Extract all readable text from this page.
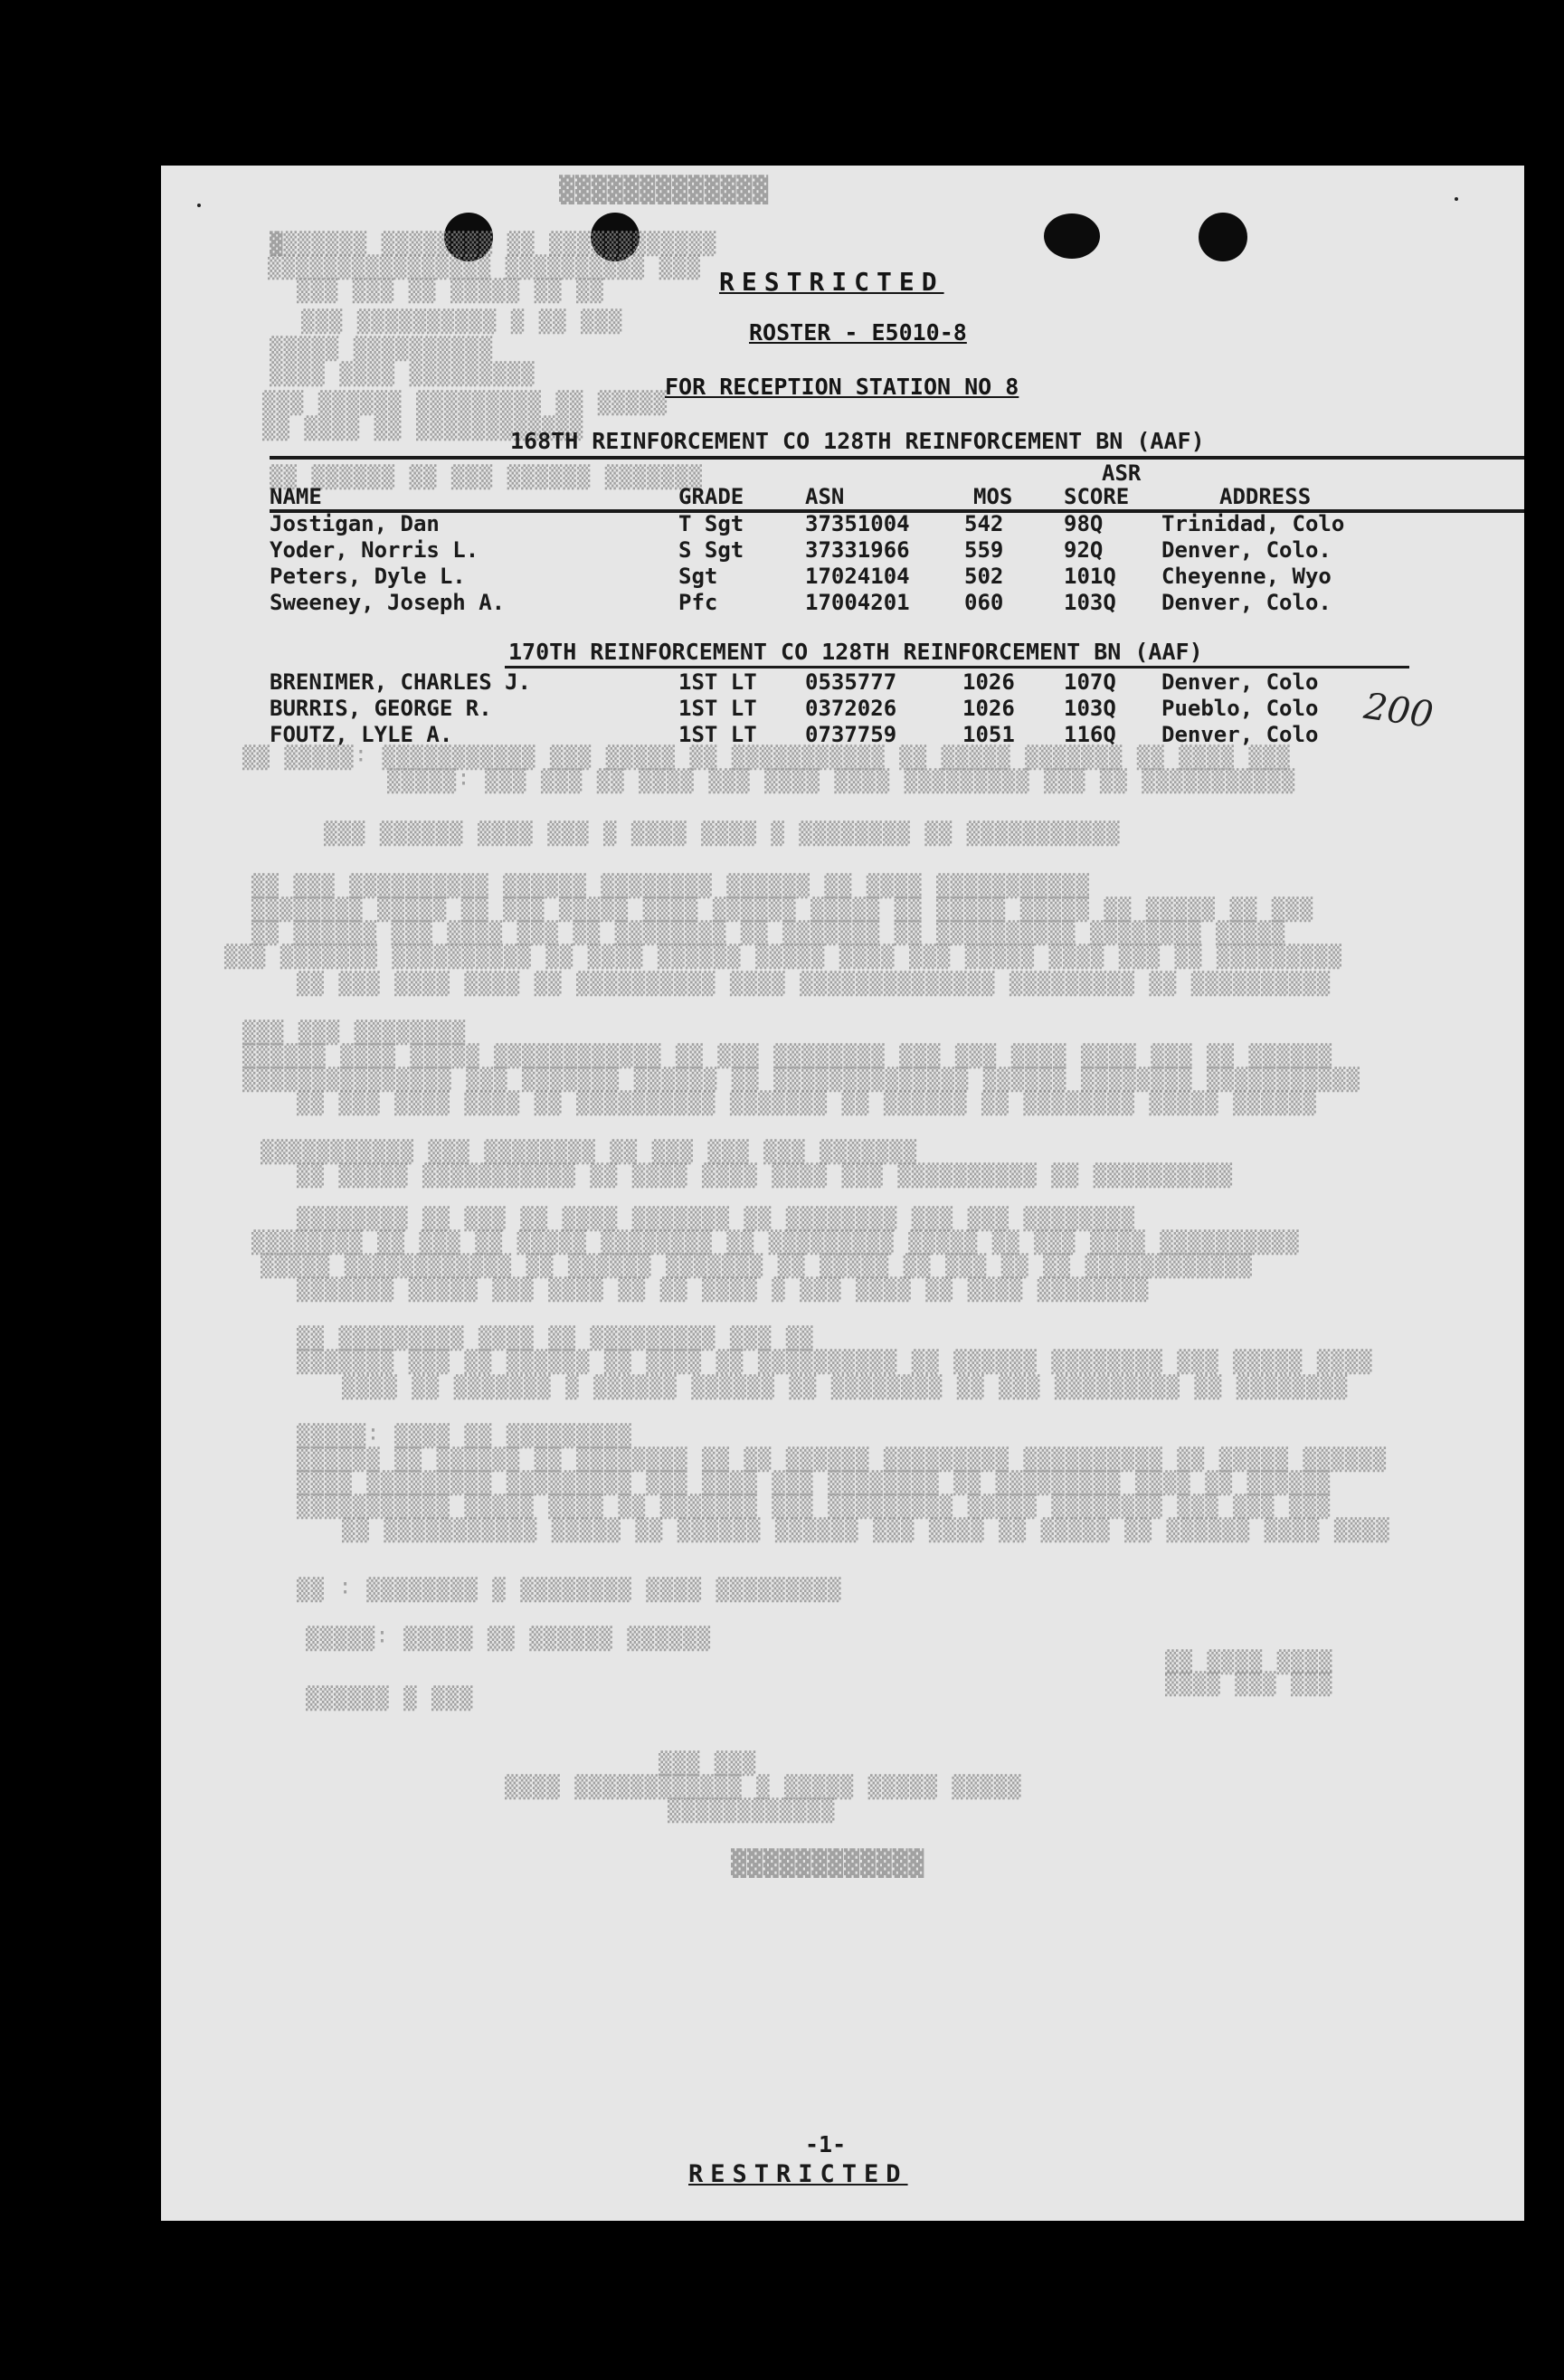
▓▓▓▓▓▓▓▓▓▓▓▓▓
▓▒▒▒▒▒▒ ▒▒▒▒▒▒▒▒ ▒▒ ▒▒▒▒▒▒▒▒▒▒▒▒
▒▒▒▒▒▒▒▒▒▒▒▒▒▒▒▒ ▒▒▒▒▒▒▒▒▒▒ ▒▒▒
▒▒▒ ▒▒▒ ▒▒ ▒▒▒▒▒ ▒▒ ▒▒
▒▒▒ ▒▒▒▒▒▒▒▒▒▒ ▒ ▒▒ ▒▒▒
▒▒▒▒▒ ▒▒▒▒▒▒▒▒▒▒
▒▒▒▒ ▒▒▒▒ ▒▒▒▒▒▒▒▒▒
▒▒▒ ▒▒▒▒▒▒ ▒▒▒▒▒▒▒▒▒ ▒▒ ▒▒▒▒▒
▒▒ ▒▒▒▒ ▒▒ ▒▒▒▒▒▒▒▒▒▒▒▒
▒▒ ▒▒▒▒▒▒ ▒▒ ▒▒▒ ▒▒▒▒▒▒ ▒▒▒▒▒▒▒
▒▒ ▒▒▒▒▒: ▒▒▒▒▒▒▒▒▒▒▒ ▒▒▒ ▒▒▒▒▒ ▒▒ ▒▒▒▒▒▒▒▒▒▒▒ ▒▒ ▒▒▒▒▒ ▒▒▒▒▒▒▒ ▒▒ ▒▒▒▒ ▒▒▒
▒▒▒▒▒: ▒▒▒ ▒▒▒ ▒▒ ▒▒▒▒ ▒▒▒ ▒▒▒▒ ▒▒▒▒ ▒▒▒▒▒▒▒▒▒ ▒▒▒ ▒▒ ▒▒▒▒▒▒▒▒▒▒▒
▒▒▒ ▒▒▒▒▒▒ ▒▒▒▒ ▒▒▒ ▒ ▒▒▒▒ ▒▒▒▒ ▒ ▒▒▒▒▒▒▒▒ ▒▒ ▒▒▒▒▒▒▒▒▒▒▒
▒▒ ▒▒▒ ▒▒▒▒▒▒▒▒▒▒ ▒▒▒▒▒▒ ▒▒▒▒▒▒▒▒ ▒▒▒▒▒▒ ▒▒ ▒▒▒▒ ▒▒▒▒▒▒▒▒▒▒▒
▒▒▒▒▒▒▒▒ ▒▒▒▒▒ ▒▒ ▒▒▒ ▒▒▒▒▒ ▒▒▒▒ ▒▒▒▒▒▒ ▒▒▒▒▒ ▒▒ ▒▒▒▒▒ ▒▒▒▒▒ ▒▒ ▒▒▒▒▒ ▒▒ ▒▒▒
▒▒ ▒▒▒▒▒▒ ▒▒▒ ▒▒▒▒ ▒▒▒ ▒▒ ▒▒▒▒▒▒▒▒ ▒▒ ▒▒▒▒▒▒▒ ▒▒ ▒▒▒▒▒▒▒▒▒▒ ▒▒▒▒▒▒▒▒ ▒▒▒▒▒
▒▒▒ ▒▒▒▒▒▒▒ ▒▒▒▒▒▒▒▒▒▒ ▒▒ ▒▒▒▒ ▒▒▒▒▒▒ ▒▒▒▒▒ ▒▒▒▒ ▒▒▒ ▒▒▒▒▒ ▒▒▒▒ ▒▒▒ ▒▒ ▒▒▒▒▒▒▒▒▒
▒▒ ▒▒▒ ▒▒▒▒ ▒▒▒▒ ▒▒ ▒▒▒▒▒▒▒▒▒▒ ▒▒▒▒ ▒▒▒▒▒▒▒▒▒▒▒▒▒▒ ▒▒▒▒▒▒▒▒▒ ▒▒ ▒▒▒▒▒▒▒▒▒▒
▒▒▒ ▒▒▒ ▒▒▒▒▒▒▒▒
▒▒▒▒▒▒ ▒▒▒▒ ▒▒▒▒▒ ▒▒▒▒▒▒▒▒▒▒▒▒ ▒▒ ▒▒▒ ▒▒▒▒▒▒▒▒ ▒▒▒ ▒▒▒ ▒▒▒▒ ▒▒▒▒ ▒▒▒ ▒▒ ▒▒▒▒▒▒
▒▒▒▒▒▒▒▒▒▒▒▒▒▒▒ ▒▒▒ ▒▒▒▒▒▒▒ ▒▒▒▒▒▒ ▒▒ ▒▒▒▒▒▒▒▒▒▒▒▒▒▒ ▒▒▒▒▒▒ ▒▒▒▒▒▒▒▒ ▒▒▒▒▒▒▒▒▒▒▒
▒▒ ▒▒▒ ▒▒▒▒ ▒▒▒▒ ▒▒ ▒▒▒▒▒▒▒▒▒▒ ▒▒▒▒▒▒▒ ▒▒ ▒▒▒▒▒▒ ▒▒ ▒▒▒▒▒▒▒▒ ▒▒▒▒▒ ▒▒▒▒▒▒
▒▒▒▒▒▒▒▒▒▒▒ ▒▒▒ ▒▒▒▒▒▒▒▒ ▒▒ ▒▒▒ ▒▒▒ ▒▒▒ ▒▒▒▒▒▒▒
▒▒ ▒▒▒▒▒ ▒▒▒▒▒▒▒▒▒▒▒ ▒▒ ▒▒▒▒ ▒▒▒▒ ▒▒▒▒ ▒▒▒ ▒▒▒▒▒▒▒▒▒▒ ▒▒ ▒▒▒▒▒▒▒▒▒▒
▒▒▒▒▒▒▒▒ ▒▒ ▒▒▒ ▒▒ ▒▒▒▒ ▒▒▒▒▒▒▒ ▒▒ ▒▒▒▒▒▒▒▒ ▒▒▒ ▒▒▒ ▒▒▒▒▒▒▒▒
▒▒▒▒▒▒▒▒ ▒▒ ▒▒▒ ▒▒ ▒▒▒▒▒ ▒▒▒▒▒▒▒▒ ▒▒ ▒▒▒▒▒▒▒▒▒ ▒▒▒▒▒ ▒▒ ▒▒▒ ▒▒▒▒ ▒▒▒▒▒▒▒▒▒▒
▒▒▒▒▒ ▒▒▒▒▒▒▒▒▒▒▒▒ ▒▒ ▒▒▒▒▒▒ ▒▒▒▒▒▒▒ ▒▒ ▒▒▒▒▒ ▒▒ ▒▒▒ ▒▒ ▒▒ ▒▒▒▒▒▒▒▒▒▒▒▒
▒▒▒▒▒▒▒ ▒▒▒▒▒ ▒▒▒ ▒▒▒▒ ▒▒ ▒▒ ▒▒▒▒ ▒ ▒▒▒ ▒▒▒▒ ▒▒ ▒▒▒▒ ▒▒▒▒▒▒▒▒
▒▒ ▒▒▒▒▒▒▒▒▒ ▒▒▒▒ ▒▒ ▒▒▒▒▒▒▒▒▒ ▒▒▒ ▒▒
▒▒▒▒▒▒▒ ▒▒▒ ▒▒ ▒▒▒▒▒▒ ▒▒ ▒▒▒▒ ▒▒ ▒▒▒▒▒▒▒▒▒▒ ▒▒ ▒▒▒▒▒▒ ▒▒▒▒▒▒▒▒ ▒▒▒ ▒▒▒▒▒ ▒▒▒▒
▒▒▒▒ ▒▒ ▒▒▒▒▒▒▒ ▒ ▒▒▒▒▒▒ ▒▒▒▒▒▒ ▒▒ ▒▒▒▒▒▒▒▒ ▒▒ ▒▒▒ ▒▒▒▒▒▒▒▒▒ ▒▒ ▒▒▒▒▒▒▒▒
▒▒▒▒▒: ▒▒▒▒ ▒▒ ▒▒▒▒▒▒▒▒▒
▒▒▒▒▒▒ ▒▒ ▒▒▒▒▒▒ ▒▒ ▒▒▒▒▒▒▒▒ ▒▒ ▒▒ ▒▒▒▒▒▒ ▒▒▒▒▒▒▒▒▒ ▒▒▒▒▒▒▒▒▒▒ ▒▒ ▒▒▒▒▒ ▒▒▒▒▒▒
▒▒▒▒ ▒▒▒▒▒▒▒▒▒ ▒▒▒▒▒▒▒▒▒ ▒▒▒ ▒▒▒▒ ▒▒▒ ▒▒▒▒▒▒▒▒ ▒▒ ▒▒▒▒▒▒▒▒▒ ▒▒▒▒ ▒▒ ▒▒▒▒▒▒
▒▒▒▒▒▒▒▒▒▒▒ ▒▒▒▒▒ ▒▒▒▒ ▒▒ ▒▒▒▒▒▒▒ ▒▒▒ ▒▒▒▒▒▒▒▒▒ ▒▒▒▒▒ ▒▒▒▒▒▒▒▒ ▒▒▒ ▒▒▒ ▒▒▒
▒▒ ▒▒▒▒▒▒▒▒▒▒▒ ▒▒▒▒▒ ▒▒ ▒▒▒▒▒▒ ▒▒▒▒▒▒ ▒▒▒ ▒▒▒▒ ▒▒ ▒▒▒▒▒ ▒▒ ▒▒▒▒▒▒ ▒▒▒▒ ▒▒▒▒
▒▒ : ▒▒▒▒▒▒▒▒ ▒ ▒▒▒▒▒▒▒▒ ▒▒▒▒ ▒▒▒▒▒▒▒▒▒
▒▒▒▒▒: ▒▒▒▒▒ ▒▒ ▒▒▒▒▒▒ ▒▒▒▒▒▒
▒▒ ▒▒▒▒ ▒▒▒▒
▒▒▒▒ ▒▒▒ ▒▒▒
▒▒▒▒▒▒ ▒ ▒▒▒
▒▒▒ ▒▒▒
▒▒▒▒ ▒▒▒▒▒▒▒▒▒▒▒▒ ▒ ▒▒▒▒▒ ▒▒▒▒▒ ▒▒▒▒▒
▒▒▒▒▒▒▒▒▒▒▒▒
▓▓▓▓▓▓▓▓▓▓▓▓
RESTRICTED
ROSTER - E5010-8
FOR RECEPTION STATION NO 8
168TH REINFORCEMENT CO 128TH REINFORCEMENT BN (AAF)
ASR
NAME	GRADE	ASN	MOS SCORE	ADDRESS
Jostigan, Dan	T Sgt	37351004	542	98Q	Trinidad, Colo
Yoder, Norris L.	S Sgt	37331966	559	92Q	Denver, Colo.
Peters, Dyle L.	Sgt	17024104	502	101Q Cheyenne, Wyo
Sweeney, Joseph A.	Pfc	17004201	060	103Q Denver, Colo.
170TH REINFORCEMENT CO 128TH REINFORCEMENT BN (AAF)
BRENIMER, CHARLES J.	1ST LT 0535777	1026 107Q Denver, Colo
BURRIS, GEORGE R.	1ST LT 0372026	1026 103Q Pueblo, Colo
FOUTZ, LYLE A.	1ST LT 0737759	1051 116Q Denver, Colo 200
-1-
RESTRICTED
